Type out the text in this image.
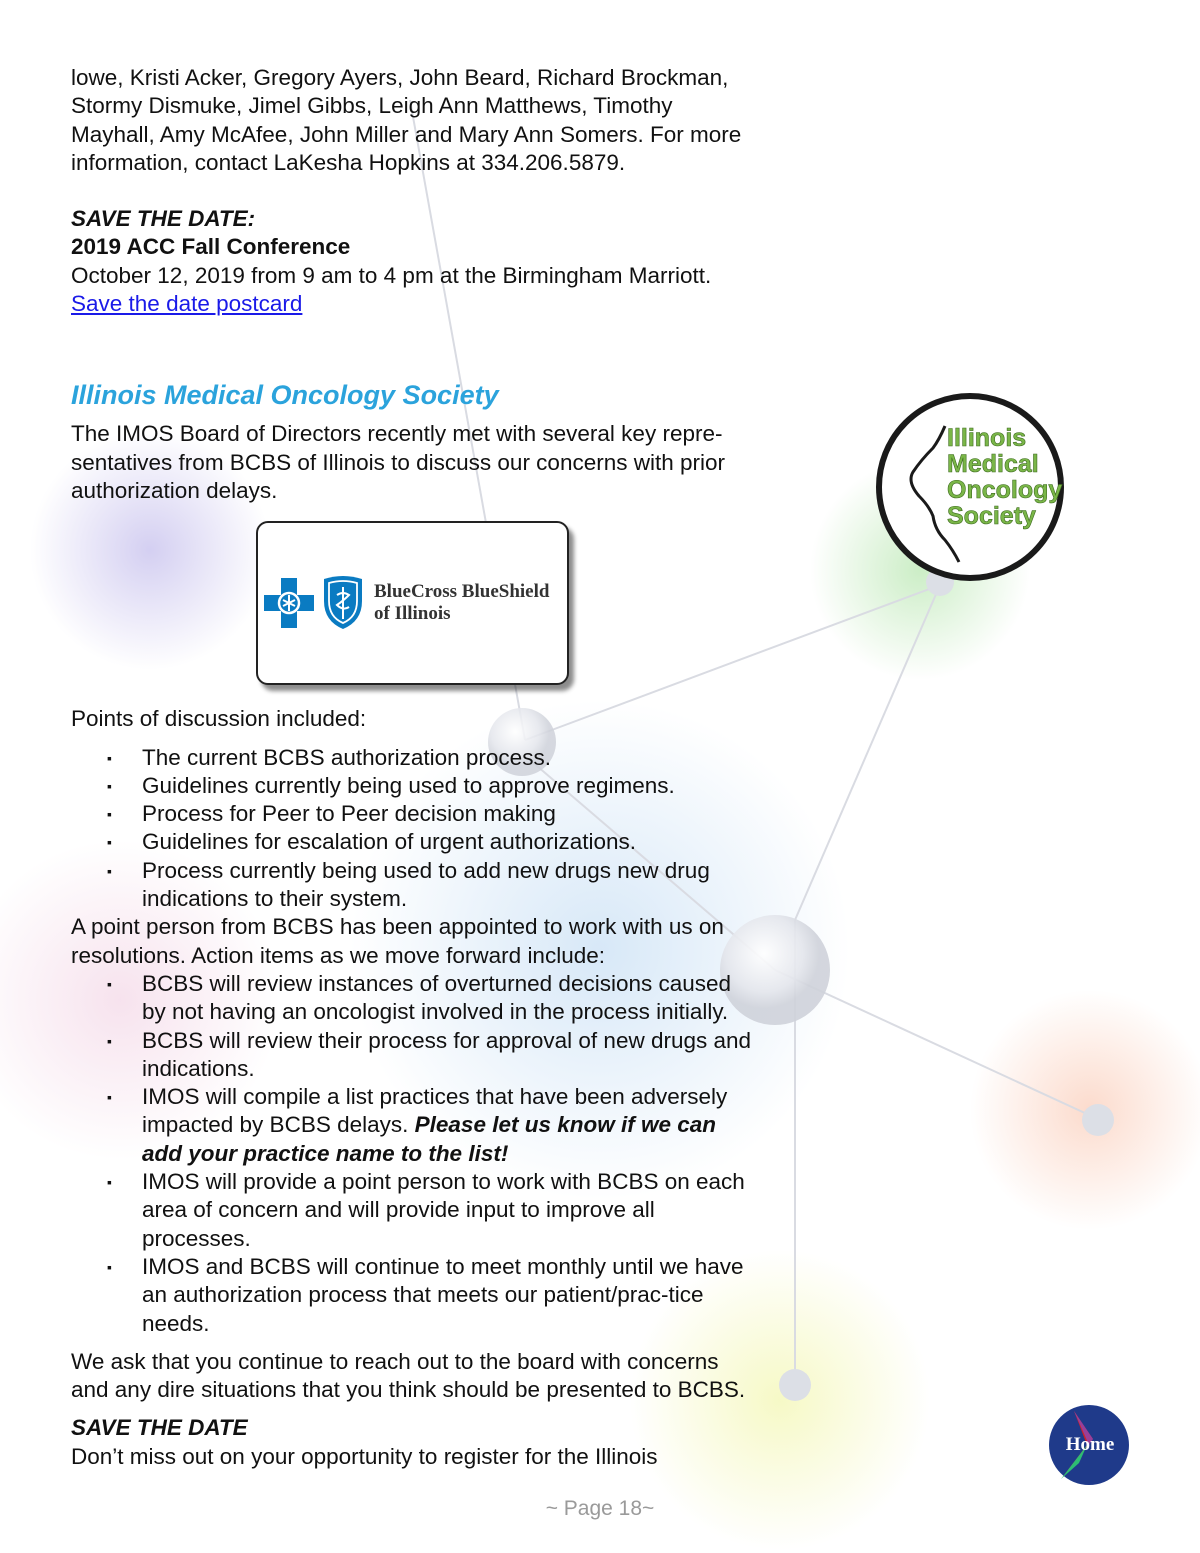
lowe, Kristi Acker, Gregory Ayers, John Beard, Richard Brockman, Stormy Dismuke, Jimel Gibbs, Leigh Ann Matthews, Timothy Mayhall, Amy McAfee, John Miller and Mary Ann Somers. For more information, contact LaKesha Hopkins at 334.206.5879.

SAVE THE DATE:

2019 ACC Fall Conference

October 12, 2019 from 9 am to 4 pm at the Birmingham Marriott.

Save the date postcard

Illinois Medical Oncology Society

The IMOS Board of Directors recently met with several key repre-sentatives from BCBS of Illinois to discuss our concerns with prior authorization delays.

BlueCross BlueShield
of Illinois

Points of discussion included:

▪ The current BCBS authorization process.
▪ Guidelines currently being used to approve regimens.
▪ Process for Peer to Peer decision making
▪ Guidelines for escalation of urgent authorizations.
▪ Process currently being used to add new drugs new drug indications to their system.

A point person from BCBS has been appointed to work with us on resolutions. Action items as we move forward include:

▪ BCBS will review instances of overturned decisions caused by not having an oncologist involved in the process initially.
▪ BCBS will review their process for approval of new drugs and indications.
▪ IMOS will compile a list practices that have been adversely impacted by BCBS delays. Please let us know if we can add your practice name to the list!
▪ IMOS will provide a point person to work with BCBS on each area of concern and will provide input to improve all processes.
▪ IMOS and BCBS will continue to meet monthly until we have an authorization process that meets our patient/prac-tice needs.

We ask that you continue to reach out to the board with concerns and any dire situations that you think should be presented to BCBS.

SAVE THE DATE

Don’t miss out on your opportunity to register for the Illinois

Illinois
Medical
Oncology
Society
Home
~ Page 18~
